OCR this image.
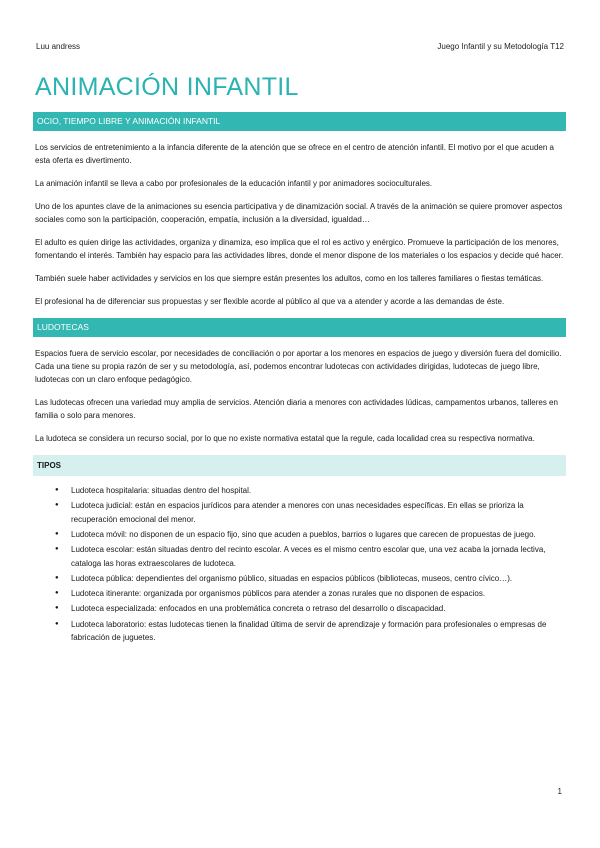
Luu andress	Juego Infantil y su Metodología T12
ANIMACIÓN INFANTIL
OCIO, TIEMPO LIBRE Y ANIMACIÓN INFANTIL

Los servicios de entretenimiento a la infancia diferente de la atención que se ofrece en el centro de atención infantil. El motivo por el que acuden a esta oferta es divertimento.

La animación infantil se lleva a cabo por profesionales de la educación infantil y por animadores socioculturales.

Uno de los apuntes clave de la animaciones su esencia participativa y de dinamización social. A través de la animación se quiere promover aspectos sociales como son la participación, cooperación, empatía, inclusión a la diversidad, igualdad…

El adulto es quien dirige las actividades, organiza y dinamiza, eso implica que el rol es activo y enérgico. Promueve la participación de los menores, fomentando el interés. También hay espacio para las actividades libres, donde el menor dispone de los materiales o los espacios y decide qué hacer.

También suele haber actividades y servicios en los que siempre están presentes los adultos, como en los talleres familiares o fiestas temáticas.

El profesional ha de diferenciar sus propuestas y ser flexible acorde al público al que va a atender y acorde a las demandas de éste.

LUDOTECAS

Espacios fuera de servicio escolar, por necesidades de conciliación o por aportar a los menores en espacios de juego y diversión fuera del domicilio. Cada una tiene su propia razón de ser y su metodología, así, podemos encontrar ludotecas con actividades dirigidas, ludotecas de juego libre, ludotecas con un claro enfoque pedagógico.

Las ludotecas ofrecen una variedad muy amplia de servicios. Atención diaria a menores con actividades lúdicas, campamentos urbanos, talleres en familia o solo para menores.

La ludoteca se considera un recurso social, por lo que no existe normativa estatal que la regule, cada localidad crea su respectiva normativa.

TIPOS
● Ludoteca hospitalaria: situadas dentro del hospital.
● Ludoteca judicial: están en espacios jurídicos para atender a menores con unas necesidades específicas. En ellas se prioriza la recuperación emocional del menor.
● Ludoteca móvil: no disponen de un espacio fijo, sino que acuden a pueblos, barrios o lugares que carecen de propuestas de juego.
● Ludoteca escolar: están situadas dentro del recinto escolar. A veces es el mismo centro escolar que, una vez acaba la jornada lectiva, cataloga las horas extraescolares de ludoteca.
● Ludoteca pública: dependientes del organismo público, situadas en espacios públicos (bibliotecas, museos, centro cívico…).
● Ludoteca itinerante: organizada por organismos públicos para atender a zonas rurales que no disponen de espacios.
● Ludoteca especializada: enfocados en una problemática concreta o retraso del desarrollo o discapacidad.
● Ludoteca laboratorio: estas ludotecas tienen la finalidad última de servir de aprendizaje y formación para profesionales o empresas de fabricación de juguetes.
1
